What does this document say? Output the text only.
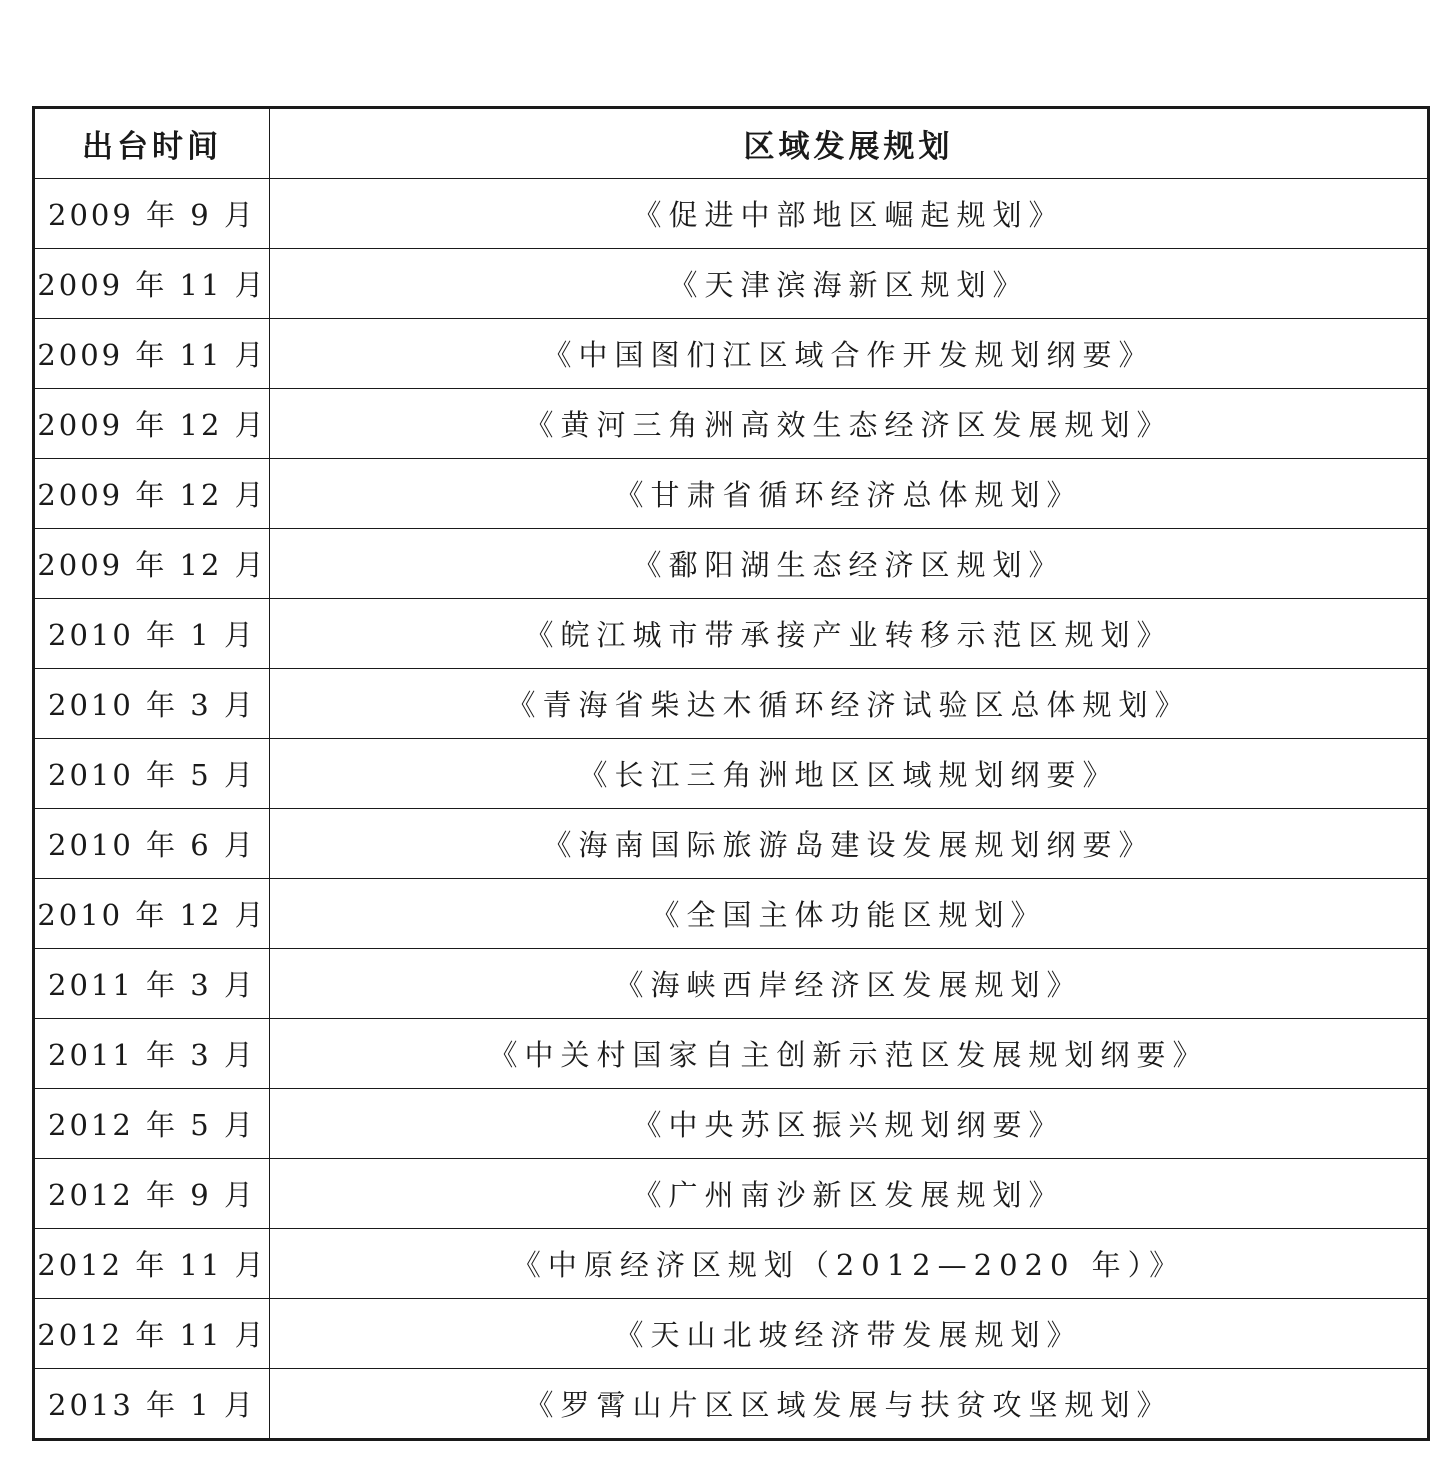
出台时间	区域发展规划
2009 年 9 月	《促进中部地区崛起规划》
2009 年 11 月	《天津滨海新区规划》
2009 年 11 月	《中国图们江区域合作开发规划纲要》
2009 年 12 月	《黄河三角洲高效生态经济区发展规划》
2009 年 12 月	《甘肃省循环经济总体规划》
2009 年 12 月	《鄱阳湖生态经济区规划》
2010 年 1 月	《皖江城市带承接产业转移示范区规划》
2010 年 3 月	《青海省柴达木循环经济试验区总体规划》
2010 年 5 月	《长江三角洲地区区域规划纲要》
2010 年 6 月	《海南国际旅游岛建设发展规划纲要》
2010 年 12 月	《全国主体功能区规划》
2011 年 3 月	《海峡西岸经济区发展规划》
2011 年 3 月	《中关村国家自主创新示范区发展规划纲要》
2012 年 5 月	《中央苏区振兴规划纲要》
2012 年 9 月	《广州南沙新区发展规划》
2012 年 11 月	《中原经济区规划（2012—2020 年）》
2012 年 11 月	《天山北坡经济带发展规划》
2013 年 1 月	《罗霄山片区区域发展与扶贫攻坚规划》
